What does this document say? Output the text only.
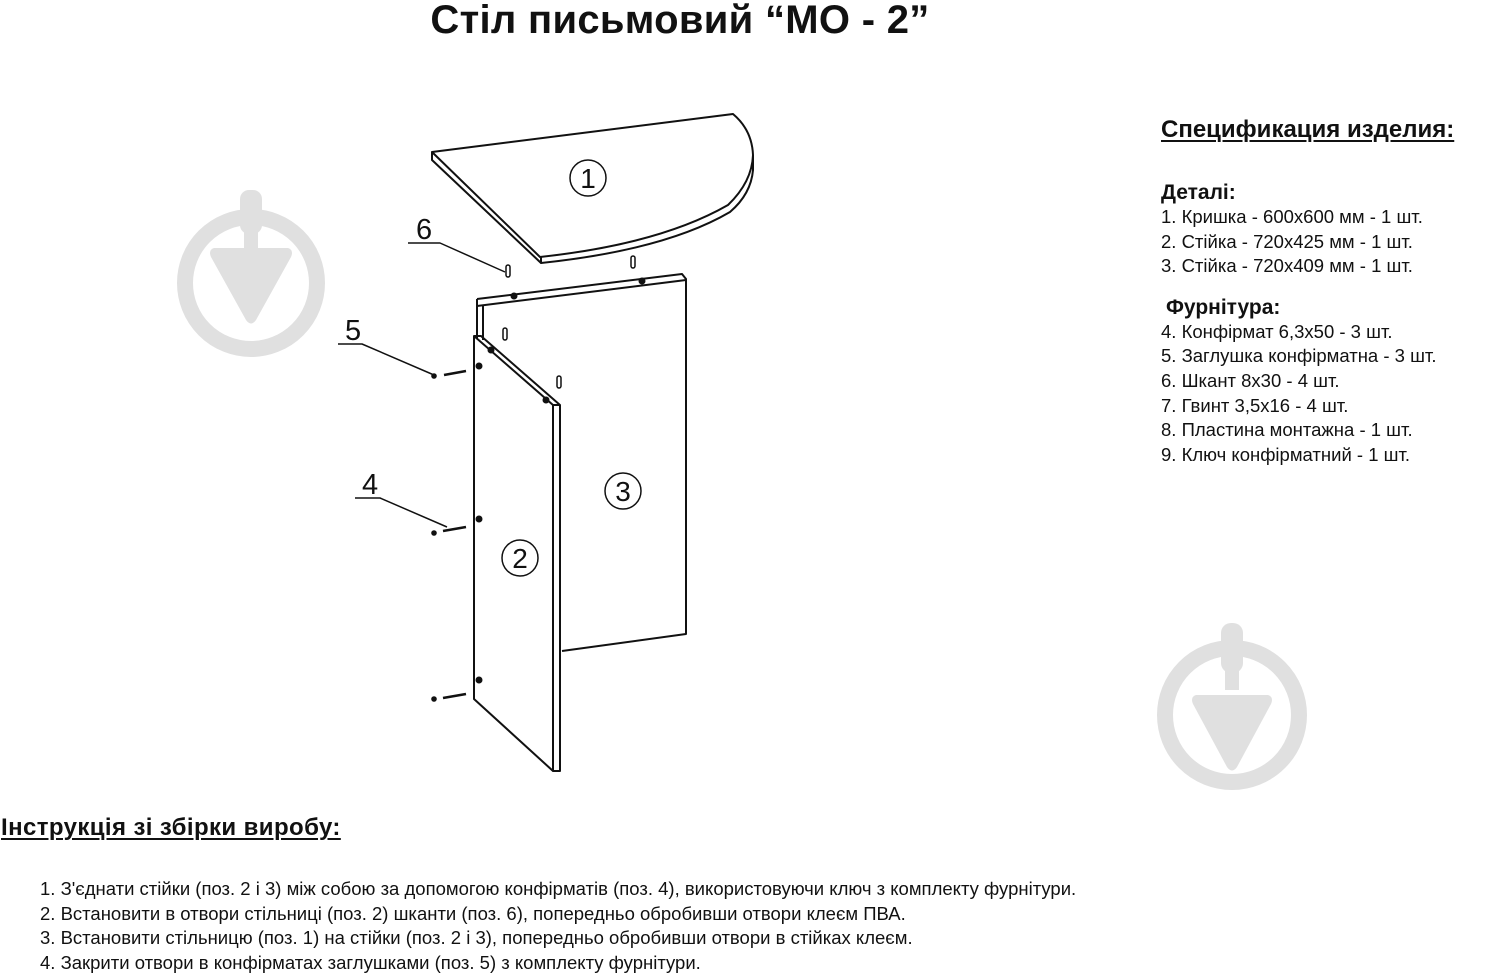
Стіл письмовий “МО - 2”
1
3
2
6
5
4
Спецификация изделия:
Деталі:
1. Кришка - 600х600 мм - 1 шт.
2. Стійка - 720х425 мм - 1 шт.
3. Стійка - 720х409 мм - 1 шт.
Фурнітура:
4. Конфірмат 6,3х50 - 3 шт.
5. Заглушка конфірматна - 3 шт.
6. Шкант 8х30 - 4 шт.
7. Гвинт 3,5х16 - 4 шт.
8. Пластина монтажна - 1 шт.
9. Ключ конфірматний - 1 шт.
Інструкція зі збірки виробу:
1. З'єднати стійки (поз. 2 і 3) між собою за допомогою конфірматів (поз. 4), використовуючи ключ з комплекту фурнітури.
2. Встановити в отвори стільниці (поз. 2) шканти (поз. 6), попередньо обробивши отвори клеєм ПВА.
3. Встановити стільницю (поз. 1) на стійки (поз. 2 і 3), попередньо обробивши отвори в стійках клеєм.
4. Закрити отвори в конфірматах заглушками (поз. 5) з комплекту фурнітури.
